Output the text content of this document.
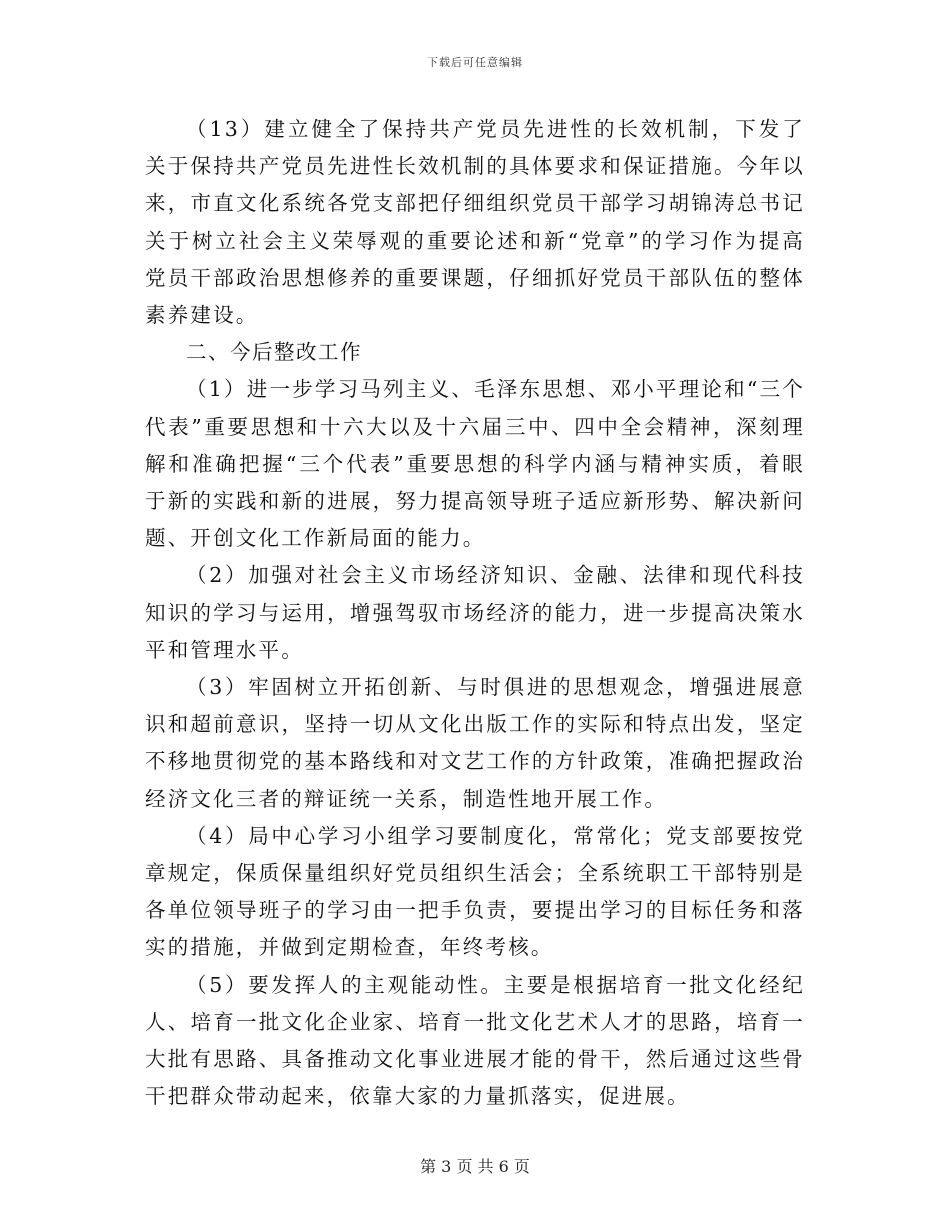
下载后可任意编辑

（13）建立健全了保持共产党员先进性的长效机制，下发了关于保持共产党员先进性长效机制的具体要求和保证措施。今年以来，市直文化系统各党支部把仔细组织党员干部学习胡锦涛总书记关于树立社会主义荣辱观的重要论述和新“党章”的学习作为提高党员干部政治思想修养的重要课题，仔细抓好党员干部队伍的整体素养建设。

二、今后整改工作

（1）进一步学习马列主义、毛泽东思想、邓小平理论和“三个代表”重要思想和十六大以及十六届三中、四中全会精神，深刻理解和准确把握“三个代表”重要思想的科学内涵与精神实质，着眼于新的实践和新的进展，努力提高领导班子适应新形势、解决新问题、开创文化工作新局面的能力。

（2）加强对社会主义市场经济知识、金融、法律和现代科技知识的学习与运用，增强驾驭市场经济的能力，进一步提高决策水平和管理水平。

（3）牢固树立开拓创新、与时俱进的思想观念，增强进展意识和超前意识，坚持一切从文化出版工作的实际和特点出发，坚定不移地贯彻党的基本路线和对文艺工作的方针政策，准确把握政治经济文化三者的辩证统一关系，制造性地开展工作。

（4）局中心学习小组学习要制度化，常常化；党支部要按党章规定，保质保量组织好党员组织生活会；全系统职工干部特别是各单位领导班子的学习由一把手负责，要提出学习的目标任务和落实的措施，并做到定期检查，年终考核。

（5）要发挥人的主观能动性。主要是根据培育一批文化经纪人、培育一批文化企业家、培育一批文化艺术人才的思路，培育一大批有思路、具备推动文化事业进展才能的骨干，然后通过这些骨干把群众带动起来，依靠大家的力量抓落实，促进展。

第 3 页 共 6 页
